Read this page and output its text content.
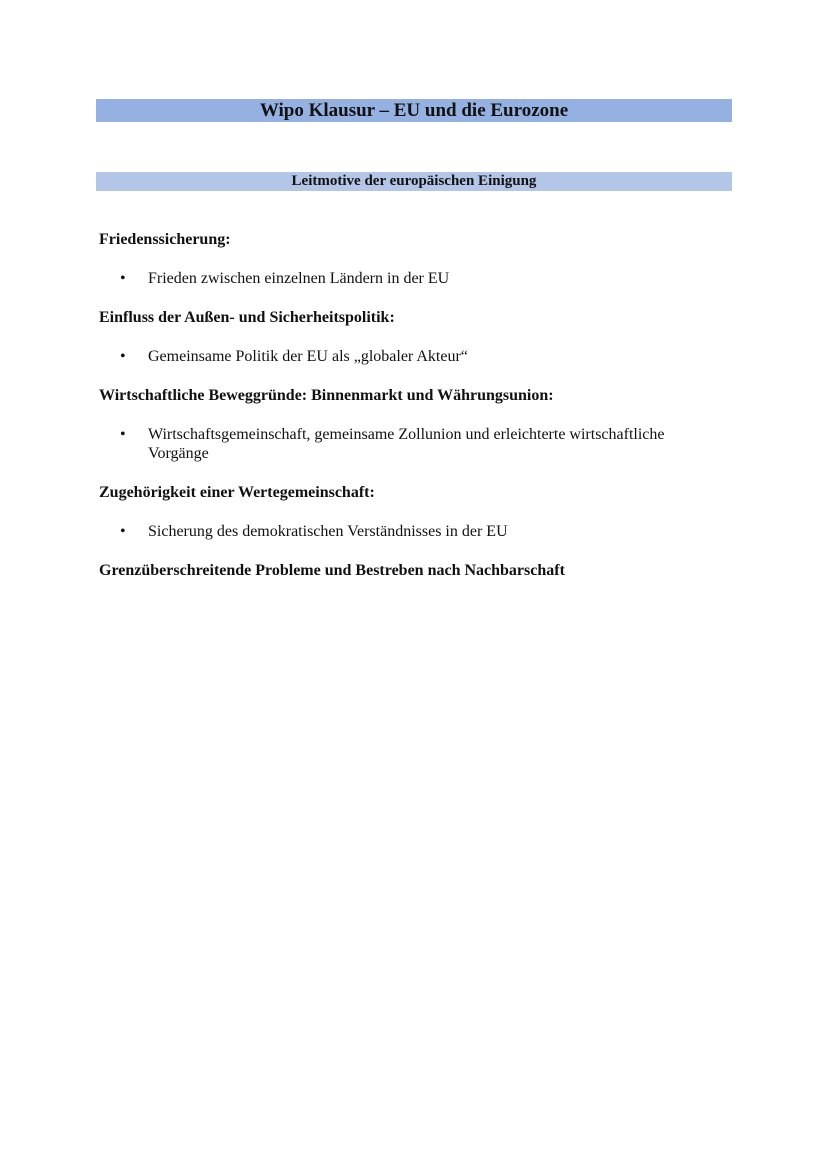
Wipo Klausur – EU und die Eurozone
Leitmotive der europäischen Einigung
Friedenssicherung:
•	Frieden zwischen einzelnen Ländern in der EU
Einfluss der Außen- und Sicherheitspolitik:
•	Gemeinsame Politik der EU als „globaler Akteur“
Wirtschaftliche Beweggründe: Binnenmarkt und Währungsunion:
•	Wirtschaftsgemeinschaft, gemeinsame Zollunion und erleichterte wirtschaftliche Vorgänge
Zugehörigkeit einer Wertegemeinschaft:
•	Sicherung des demokratischen Verständnisses in der EU
Grenzüberschreitende Probleme und Bestreben nach Nachbarschaft
